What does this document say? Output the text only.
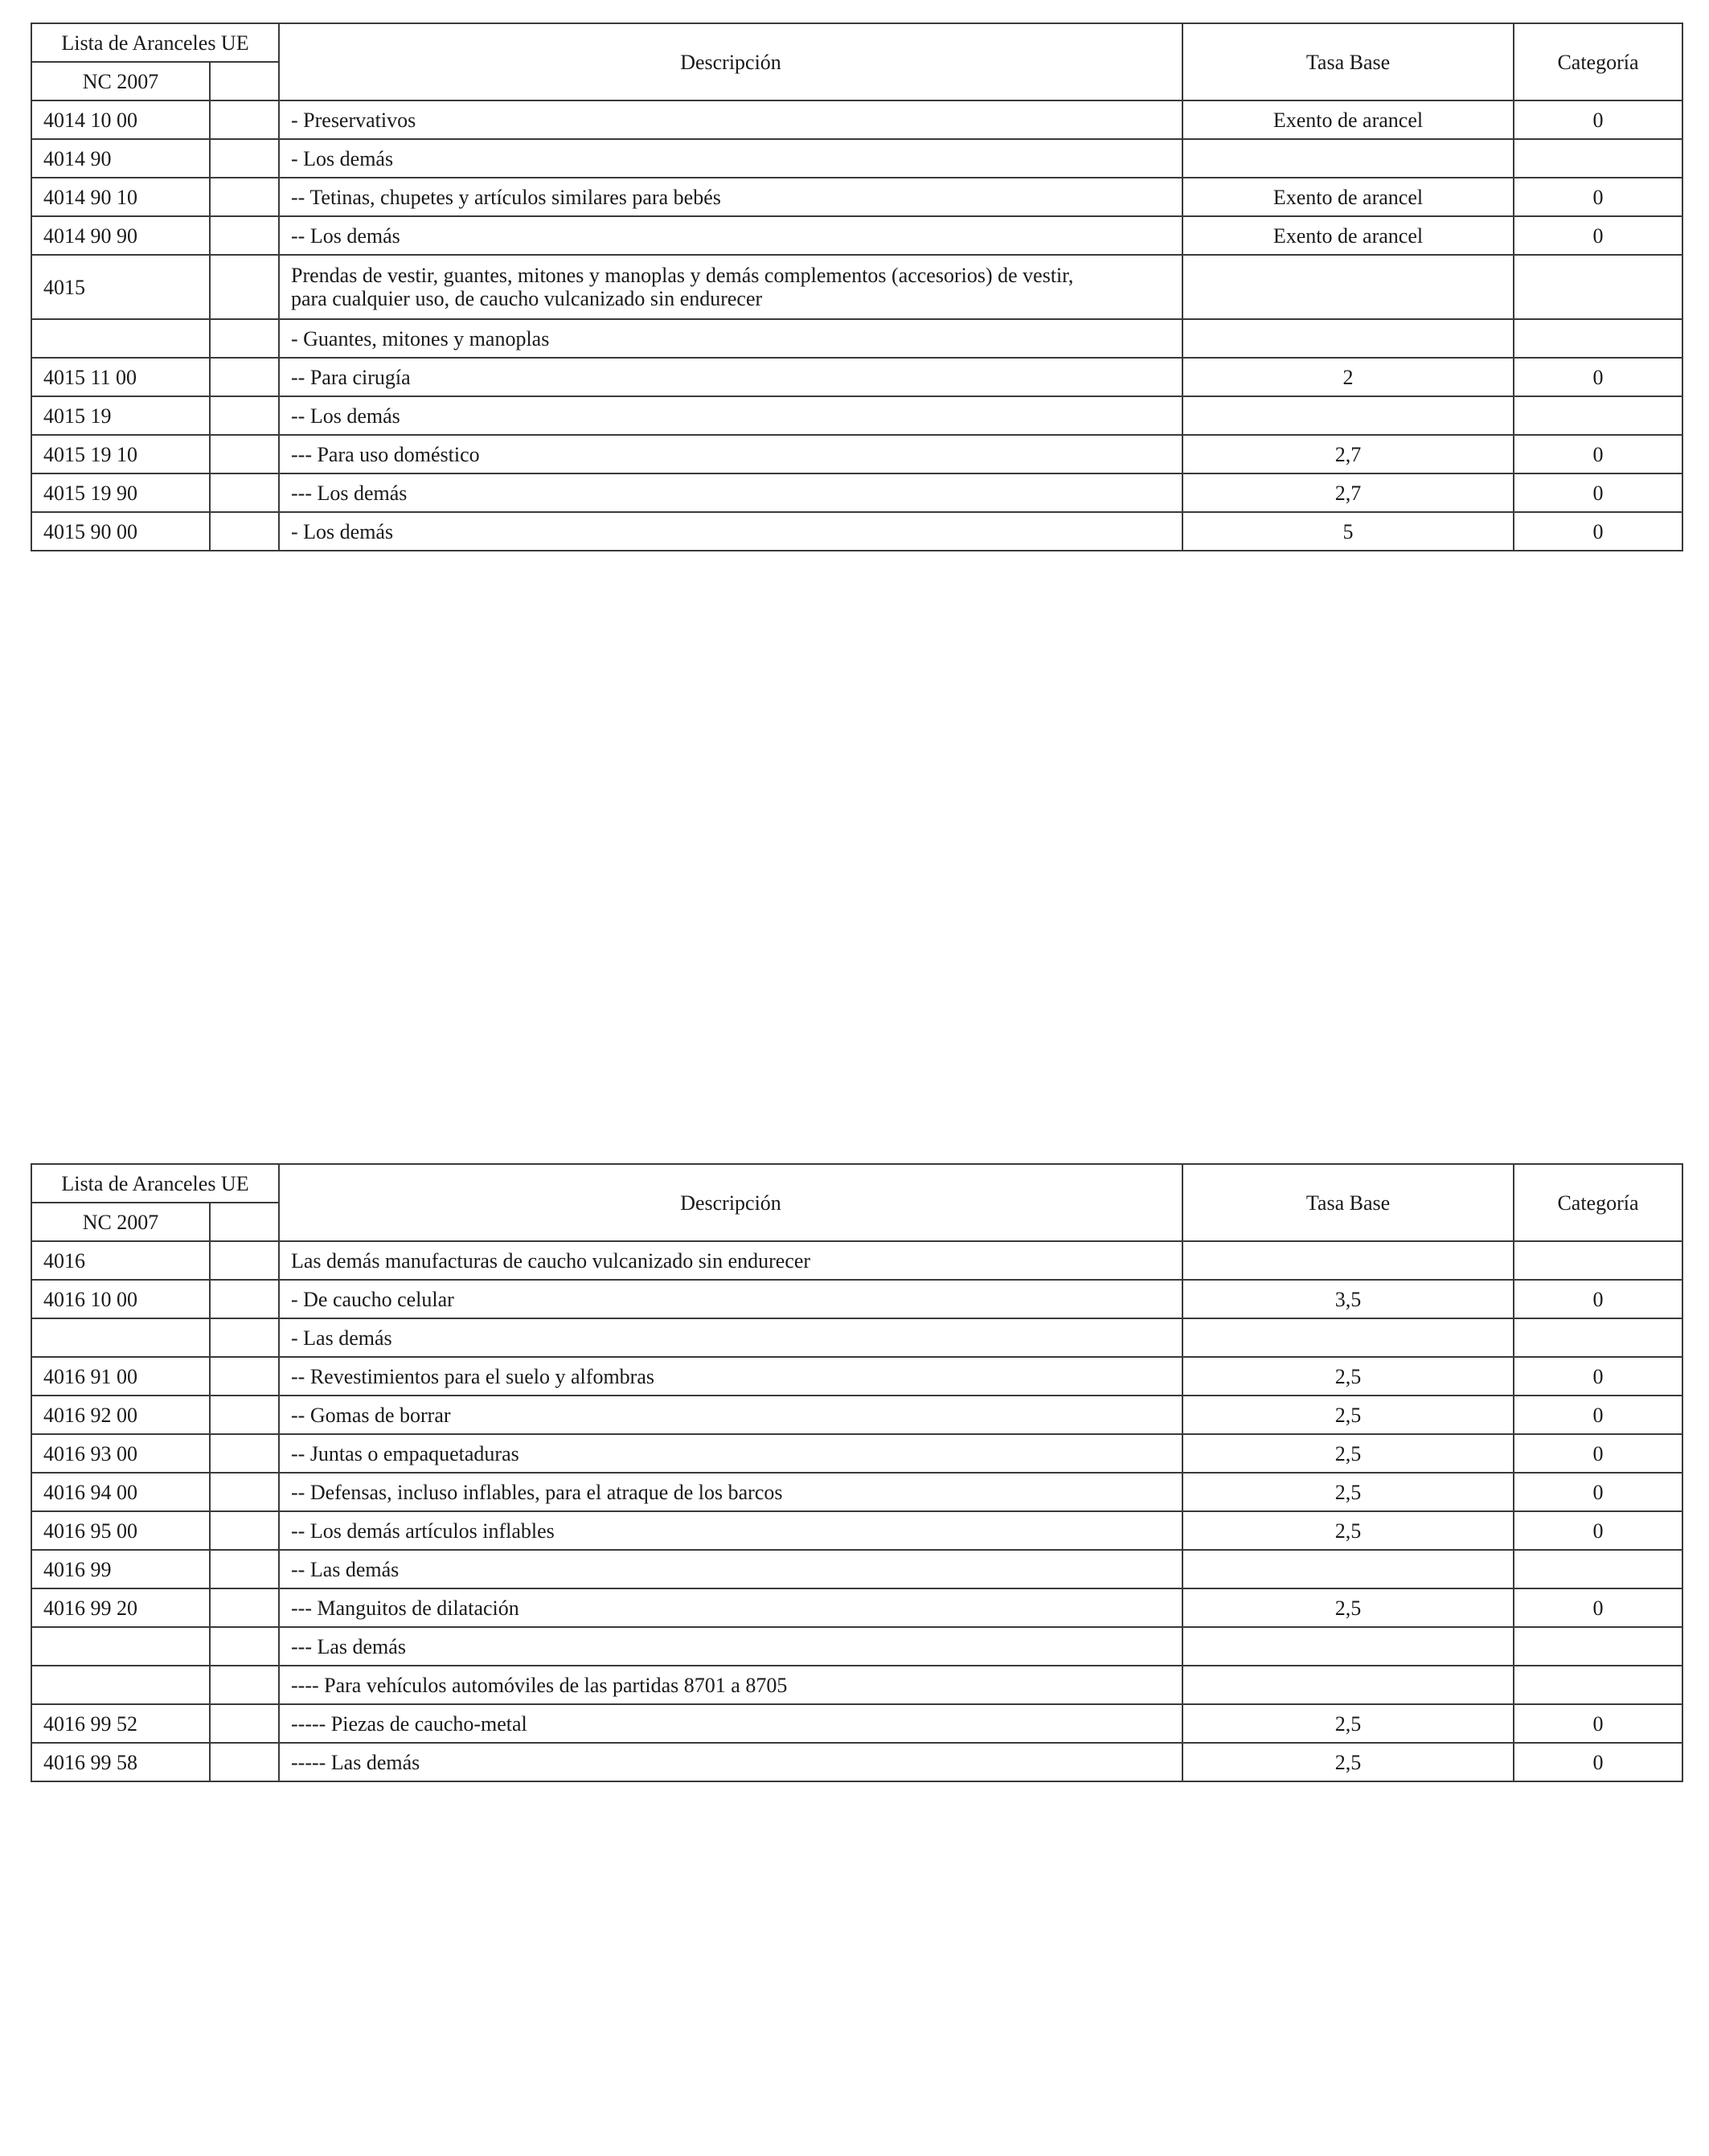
Lista de Aranceles UE		Descripción	Tasa Base	Categoría
NC 2007				
4014 10 00		- Preservativos	Exento de arancel	0
4014 90		- Los demás		
4014 90 10		-- Tetinas, chupetes y artículos similares para bebés	Exento de arancel	0
4014 90 90		-- Los demás	Exento de arancel	0
4015		Prendas de vestir, guantes, mitones y manoplas y demás complementos (accesorios) de vestir,
para cualquier uso, de caucho vulcanizado sin endurecer		

		- Guantes, mitones y manoplas		
4015 11 00		-- Para cirugía	2	0
4015 19		-- Los demás		
4015 19 10		--- Para uso doméstico	2,7	0
4015 19 90		--- Los demás	2,7	0
4015 90 00		- Los demás	5	0
Lista de Aranceles UE		Descripción	Tasa Base	Categoría
NC 2007				
4016		Las demás manufacturas de caucho vulcanizado sin endurecer		
4016 10 00		- De caucho celular	3,5	0
		- Las demás		
4016 91 00		-- Revestimientos para el suelo y alfombras	2,5	0
4016 92 00		-- Gomas de borrar	2,5	0
4016 93 00		-- Juntas o empaquetaduras	2,5	0
4016 94 00		-- Defensas, incluso inflables, para el atraque de los barcos	2,5	0
4016 95 00		-- Los demás artículos inflables	2,5	0
4016 99		-- Las demás		
4016 99 20		--- Manguitos de dilatación	2,5	0
		--- Las demás		
		---- Para vehículos automóviles de las partidas 8701 a 8705		
4016 99 52		----- Piezas de caucho-metal	2,5	0
4016 99 58		----- Las demás	2,5	0
